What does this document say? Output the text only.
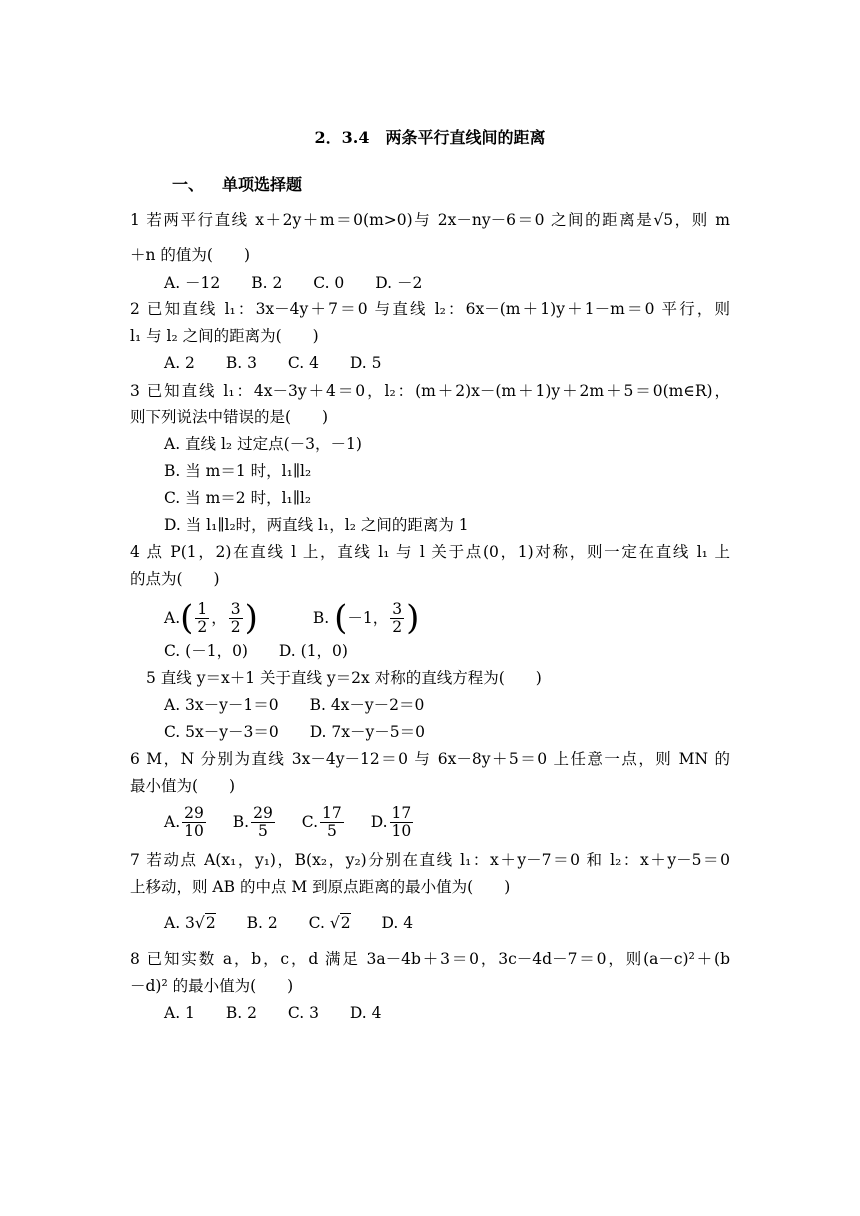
2．3.4　两条平行直线间的距离
一、 单项选择题
1 若两平行直线 x＋2y＋m＝0(m>0)与 2x－ny－6＝0 之间的距离是√5，则 m
＋n 的值为(　　)
A. －12 B. 2 C. 0 D. －2
2 已知直线 l₁：3x－4y＋7＝0 与直线 l₂：6x－(m＋1)y＋1－m＝0 平行，则
l₁ 与 l₂ 之间的距离为(　　)
A. 2 B. 3 C. 4 D. 5
3 已知直线 l₁：4x－3y＋4＝0，l₂：(m＋2)x－(m＋1)y＋2m＋5＝0(m∈R)，
则下列说法中错误的是(　　)
A. 直线 l₂ 过定点(－3，－1)
B. 当 m＝1 时，l₁∥l₂
C. 当 m＝2 时，l₁∥l₂
D. 当 l₁∥l₂时，两直线 l₁，l₂ 之间的距离为 1
4 点 P(1，2)在直线 l 上，直线 l₁ 与 l 关于点(0，1)对称，则一定在直线 l₁ 上
的点为(　　)
A. ( $\frac{1}{2}$ ， $\frac{3}{2}$ )
	B.
( －1， $\frac{3}{2}$ )
C. (－1，0) D. (1，0)
5 直线 y＝x＋1 关于直线 y＝2x 对称的直线方程为(　　)
A. 3x－y－1＝0 B. 4x－y－2＝0
C. 5x－y－3＝0 D. 7x－y－5＝0
6 M，N 分别为直线 3x－4y－12＝0 与 6x－8y＋5＝0 上任意一点，则 MN 的
最小值为(　　)
A. $\frac{29}{10}$
B. $\frac{29}{5}$
C. $\frac{17}{5}$
D. $\frac{17}{10}$
7 若动点 A(x₁，y₁)，B(x₂，y₂)分别在直线 l₁：x＋y－7＝0 和 l₂：x＋y－5＝0
上移动，则 AB 的中点 M 到原点距离的最小值为(　　)
A. 3√2 B. 2 C. √2 D. 4
8 已知实数 a，b，c，d 满足 3a－4b＋3＝0，3c－4d－7＝0，则(a－c)²＋(b
－d)² 的最小值为(　　)
A. 1 B. 2 C. 3 D. 4
